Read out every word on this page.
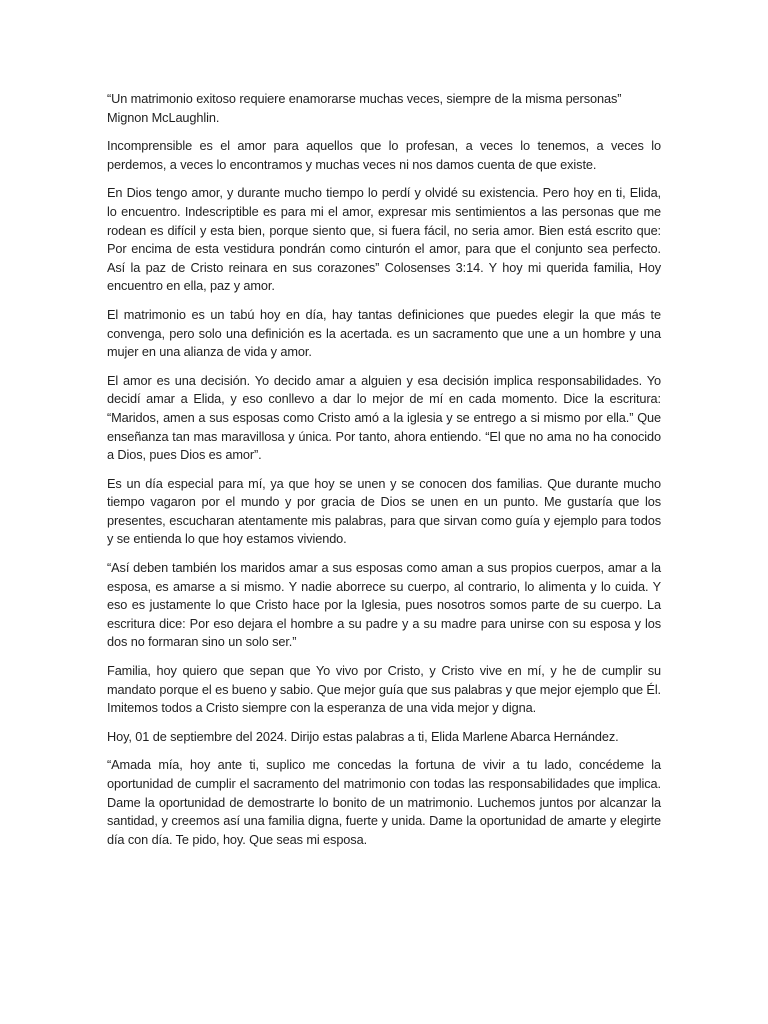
“Un matrimonio exitoso requiere enamorarse muchas veces, siempre de la misma personas” Mignon McLaughlin.

Incomprensible es el amor para aquellos que lo profesan, a veces lo tenemos, a veces lo perdemos, a veces lo encontramos y muchas veces ni nos damos cuenta de que existe.

En Dios tengo amor, y durante mucho tiempo lo perdí y olvidé su existencia. Pero hoy en ti, Elida, lo encuentro. Indescriptible es para mi el amor, expresar mis sentimientos a las personas que me rodean es difícil y esta bien, porque siento que, si fuera fácil, no seria amor. Bien está escrito que: Por encima de esta vestidura pondrán como cinturón el amor, para que el conjunto sea perfecto. Así la paz de Cristo reinara en sus corazones” Colosenses 3:14. Y hoy mi querida familia, Hoy encuentro en ella, paz y amor.

El matrimonio es un tabú hoy en día, hay tantas definiciones que puedes elegir la que más te convenga, pero solo una definición es la acertada. es un sacramento que une a un hombre y una mujer en una alianza de vida y amor.

El amor es una decisión. Yo decido amar a alguien y esa decisión implica responsabilidades. Yo decidí amar a Elida, y eso conllevo a dar lo mejor de mí en cada momento. Dice la escritura: “Maridos, amen a sus esposas como Cristo amó a la iglesia y se entrego a si mismo por ella.” Que enseñanza tan mas maravillosa y única. Por tanto, ahora entiendo. “El que no ama no ha conocido a Dios, pues Dios es amor”.

Es un día especial para mí, ya que hoy se unen y se conocen dos familias. Que durante mucho tiempo vagaron por el mundo y por gracia de Dios se unen en un punto. Me gustaría que los presentes, escucharan atentamente mis palabras, para que sirvan como guía y ejemplo para todos y se entienda lo que hoy estamos viviendo.

“Así deben también los maridos amar a sus esposas como aman a sus propios cuerpos, amar a la esposa, es amarse a si mismo. Y nadie aborrece su cuerpo, al contrario, lo alimenta y lo cuida. Y eso es justamente lo que Cristo hace por la Iglesia, pues nosotros somos parte de su cuerpo. La escritura dice: Por eso dejara el hombre a su padre y a su madre para unirse con su esposa y los dos no formaran sino un solo ser.”

Familia, hoy quiero que sepan que Yo vivo por Cristo, y Cristo vive en mí, y he de cumplir su mandato porque el es bueno y sabio. Que mejor guía que sus palabras y que mejor ejemplo que Él. Imitemos todos a Cristo siempre con la esperanza de una vida mejor y digna.

Hoy, 01 de septiembre del 2024. Dirijo estas palabras a ti, Elida Marlene Abarca Hernández.

“Amada mía, hoy ante ti, suplico me concedas la fortuna de vivir a tu lado, concédeme la oportunidad de cumplir el sacramento del matrimonio con todas las responsabilidades que implica. Dame la oportunidad de demostrarte lo bonito de un matrimonio. Luchemos juntos por alcanzar la santidad, y creemos así una familia digna, fuerte y unida. Dame la oportunidad de amarte y elegirte día con día. Te pido, hoy. Que seas mi esposa.
